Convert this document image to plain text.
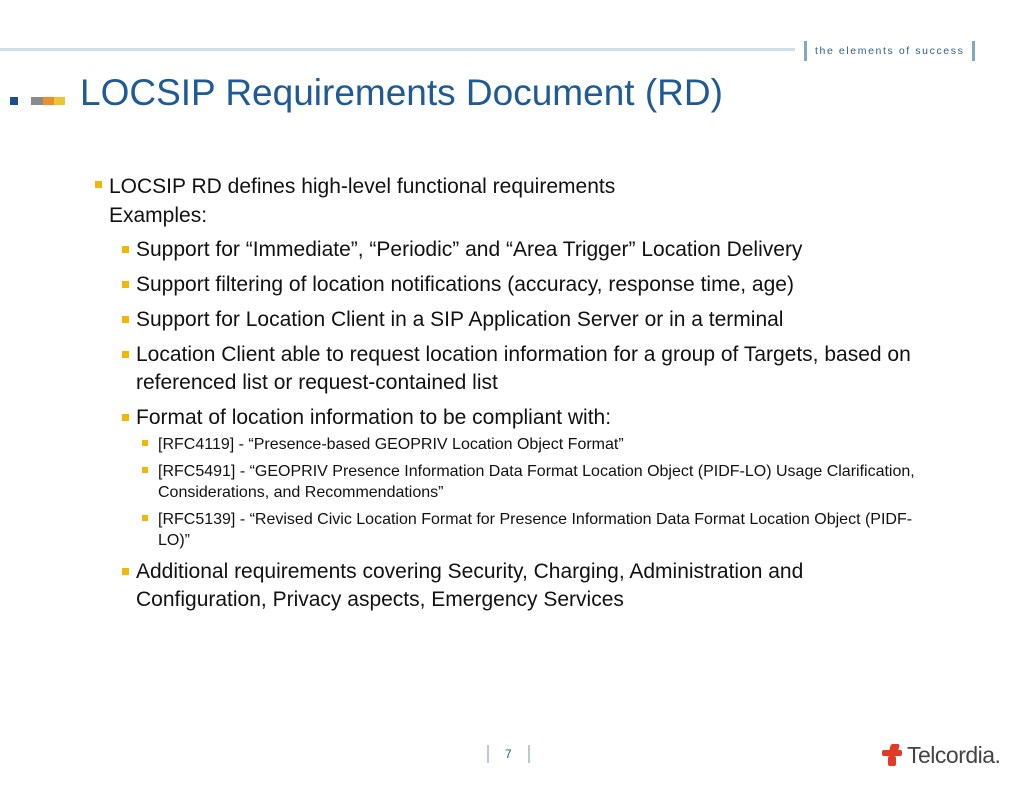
the elements of success
LOCSIP Requirements Document (RD)
LOCSIP RD defines high-level functional requirements
Examples:
Support for “Immediate”, “Periodic” and “Area Trigger” Location Delivery
Support filtering of location notifications (accuracy, response time, age)
Support for Location Client in a SIP Application Server or in a terminal
Location Client able to request location information for a group of Targets, based on referenced list or request-contained list
Format of location information to be compliant with:
[RFC4119] - “Presence-based GEOPRIV Location Object Format”
[RFC5491] - “GEOPRIV Presence Information Data Format Location Object (PIDF-LO) Usage Clarification, Considerations, and Recommendations”
[RFC5139] - “Revised Civic Location Format for Presence Information Data Format Location Object (PIDF-LO)”
Additional requirements covering Security, Charging, Administration and Configuration, Privacy aspects, Emergency Services
7	Telcordia.
